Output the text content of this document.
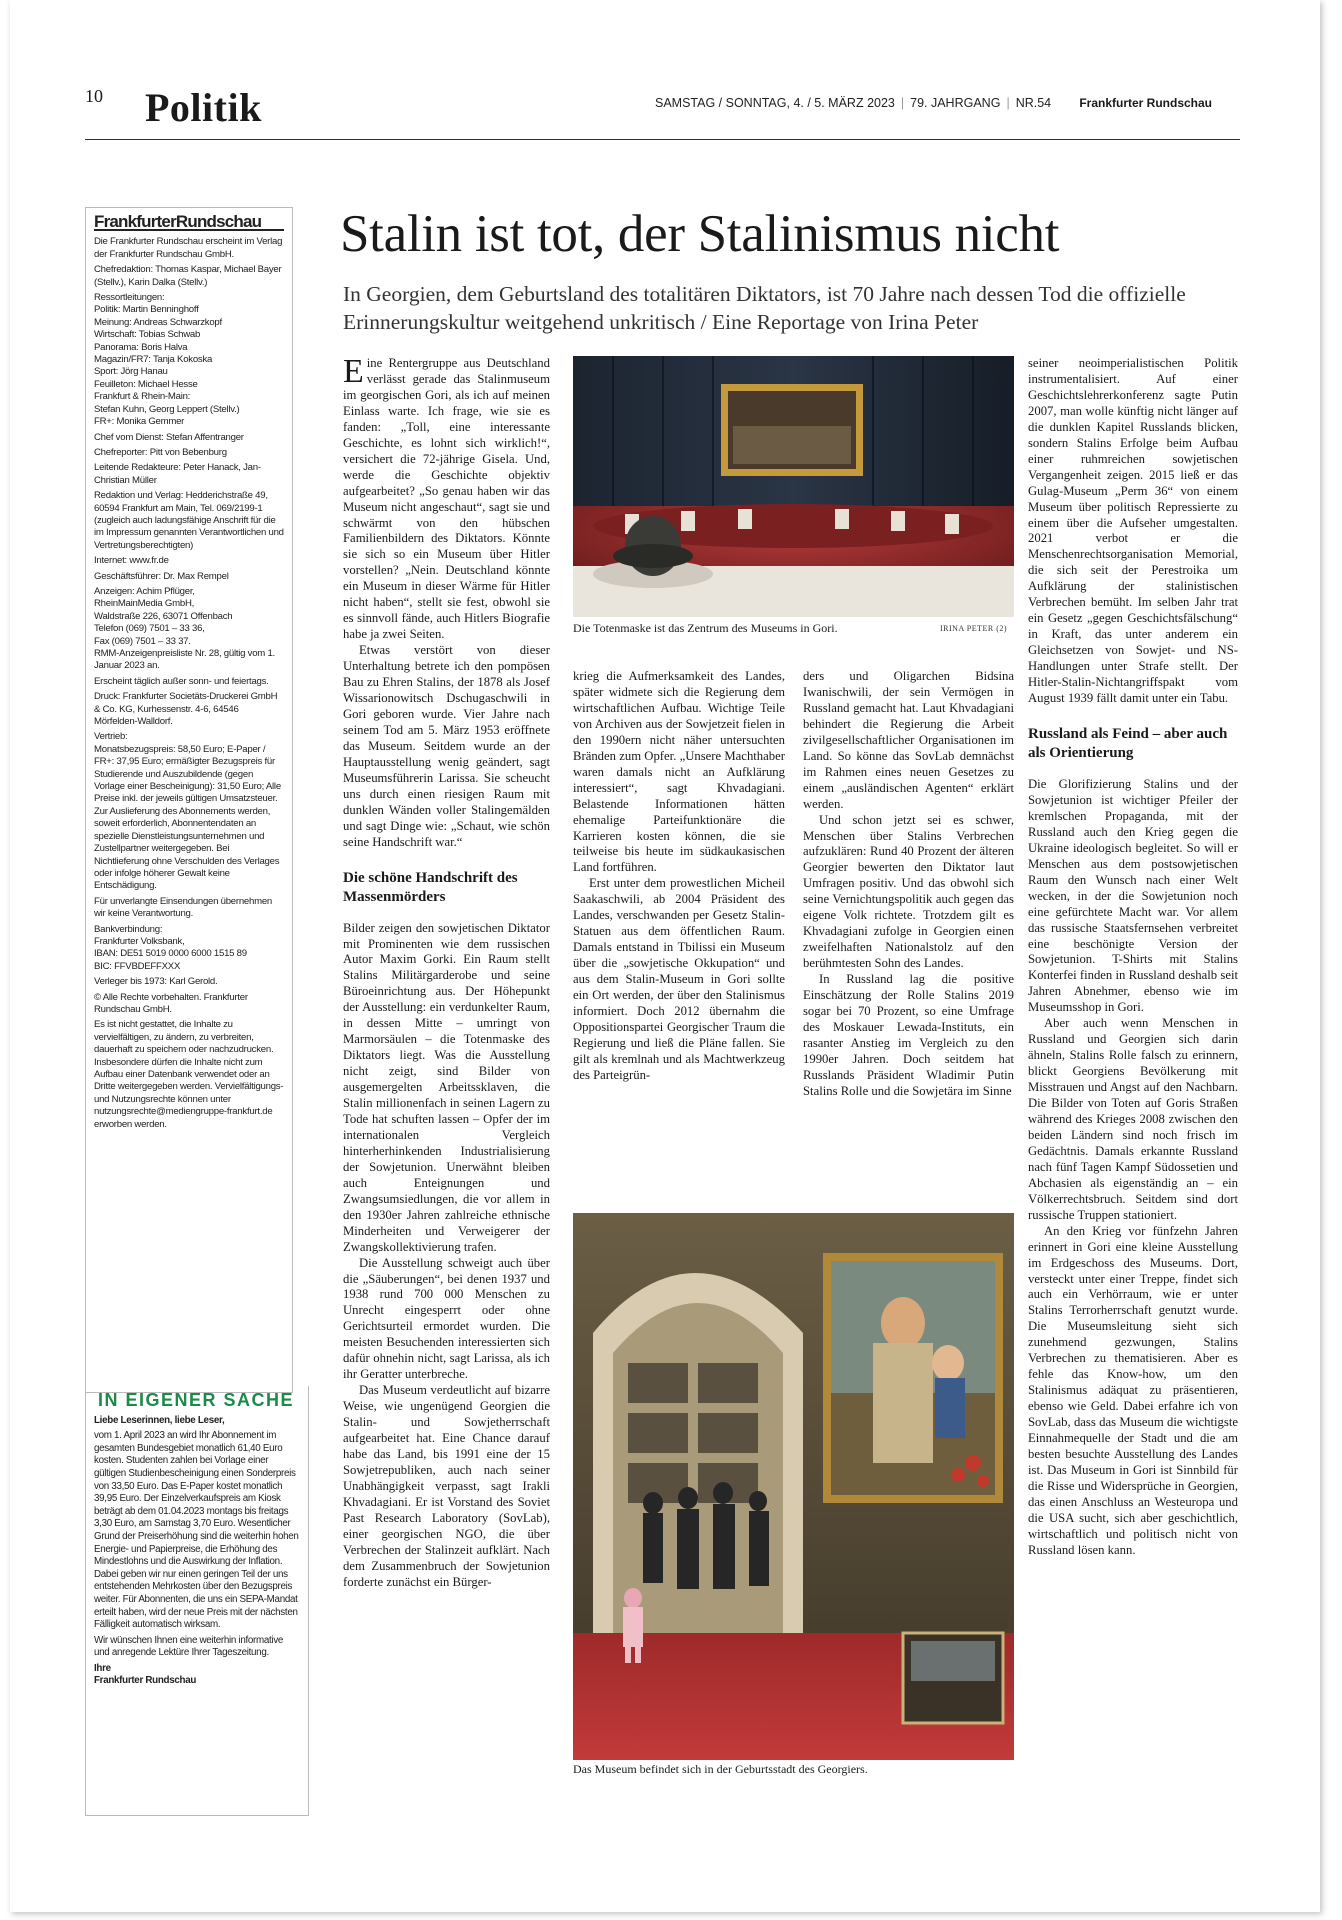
10 Politik	SAMSTAG / SONNTAG, 4. / 5. MÄRZ 2023 | 79. JAHRGANG | NR.54 Frankfurter Rundschau
FrankfurterRundschau

Die Frankfurter Rundschau erscheint im Verlag der Frankfurter Rundschau GmbH.

Chefredaktion: Thomas Kaspar, Michael Bayer (Stellv.), Karin Dalka (Stellv.)

Ressortleitungen:
Politik: Martin Benninghoff
Meinung: Andreas Schwarzkopf
Wirtschaft: Tobias Schwab
Panorama: Boris Halva
Magazin/FR7: Tanja Kokoska
Sport: Jörg Hanau
Feuilleton: Michael Hesse
Frankfurt & Rhein-Main:
Stefan Kuhn, Georg Leppert (Stellv.)
FR+: Monika Gemmer

Chef vom Dienst: Stefan Affentranger

Chefreporter: Pitt von Bebenburg

Leitende Redakteure: Peter Hanack, Jan-Christian Müller

Redaktion und Verlag: Hedderichstraße 49, 60594 Frankfurt am Main, Tel. 069/2199-1 (zugleich auch ladungsfähige Anschrift für die im Impressum genannten Verantwortlichen und Vertretungsberechtigten)

Internet: www.fr.de

Geschäftsführer: Dr. Max Rempel

Anzeigen: Achim Pflüger,
RheinMainMedia GmbH,
Waldstraße 226, 63071 Offenbach
Telefon (069) 7501 – 33 36,
Fax (069) 7501 – 33 37.
RMM-Anzeigenpreisliste Nr. 28, gültig vom 1. Januar 2023 an.

Erscheint täglich außer sonn- und feiertags.

Druck: Frankfurter Societäts-Druckerei GmbH & Co. KG, Kurhessenstr. 4-6, 64546 Mörfelden-Walldorf.

Vertrieb:
Monatsbezugspreis: 58,50 Euro; E-Paper / FR+: 37,95 Euro; ermäßigter Bezugspreis für Studierende und Auszubildende (gegen Vorlage einer Bescheinigung): 31,50 Euro; Alle Preise inkl. der jeweils gültigen Umsatzsteuer. Zur Auslieferung des Abonnements werden, soweit erforderlich, Abonnentendaten an spezielle Dienstleistungsunternehmen und Zustellpartner weitergegeben. Bei Nichtlieferung ohne Verschulden des Verlages oder infolge höherer Gewalt keine Entschädigung.

Für unverlangte Einsendungen übernehmen wir keine Verantwortung.

Bankverbindung:
Frankfurter Volksbank,
IBAN: DE51 5019 0000 6000 1515 89
BIC: FFVBDEFFXXX

Verleger bis 1973: Karl Gerold.

© Alle Rechte vorbehalten. Frankfurter Rundschau GmbH.

Es ist nicht gestattet, die Inhalte zu vervielfältigen, zu ändern, zu verbreiten, dauerhaft zu speichern oder nachzudrucken. Insbesondere dürfen die Inhalte nicht zum Aufbau einer Datenbank verwendet oder an Dritte weitergegeben werden. Vervielfältigungs- und Nutzungsrechte können unter nutzungsrechte@mediengruppe-frankfurt.de erworben werden.

IN EIGENER SACHE

Liebe Leserinnen, liebe Leser,

vom 1. April 2023 an wird Ihr Abonnement im gesamten Bundesgebiet monatlich 61,40 Euro kosten. Studenten zahlen bei Vorlage einer gültigen Studienbescheinigung einen Sonderpreis von 33,50 Euro. Das E-Paper kostet monatlich 39,95 Euro. Der Einzelverkaufspreis am Kiosk beträgt ab dem 01.04.2023 montags bis freitags 3,30 Euro, am Samstag 3,70 Euro. Wesentlicher Grund der Preiserhöhung sind die weiterhin hohen Energie- und Papierpreise, die Erhöhung des Mindestlohns und die Auswirkung der Inflation. Dabei geben wir nur einen geringen Teil der uns entstehenden Mehrkosten über den Bezugspreis weiter. Für Abonnenten, die uns ein SEPA-Mandat erteilt haben, wird der neue Preis mit der nächsten Fälligkeit automatisch wirksam.

Wir wünschen Ihnen eine weiterhin informative und anregende Lektüre Ihrer Tageszeitung.

Ihre

Frankfurter Rundschau

Stalin ist tot, der Stalinismus nicht
In Georgien, dem Geburtsland des totalitären Diktators, ist 70 Jahre nach dessen Tod die offizielle Erinnerungskultur weitgehend unkritisch / Eine Reportage von Irina Peter

Eine Rentergruppe aus Deutschland verlässt gerade das Stalinmuseum im georgischen Gori, als ich auf meinen Einlass warte. Ich frage, wie sie es fanden: „Toll, eine interessante Geschichte, es lohnt sich wirklich!“, versichert die 72-jährige Gisela. Und, werde die Geschichte objektiv aufgearbeitet? „So genau haben wir das Museum nicht angeschaut“, sagt sie und schwärmt von den hübschen Familienbildern des Diktators. Könnte sie sich so ein Museum über Hitler vorstellen? „Nein. Deutschland könnte ein Museum in dieser Wärme für Hitler nicht haben“, stellt sie fest, obwohl sie es sinnvoll fände, auch Hitlers Biografie habe ja zwei Seiten.

Etwas verstört von dieser Unterhaltung betrete ich den pompösen Bau zu Ehren Stalins, der 1878 als Josef Wissarionowitsch Dschugaschwili in Gori geboren wurde. Vier Jahre nach seinem Tod am 5. März 1953 eröffnete das Museum. Seitdem wurde an der Hauptausstellung wenig geändert, sagt Museumsführerin Larissa. Sie scheucht uns durch einen riesigen Raum mit dunklen Wänden voller Stalingemälden und sagt Dinge wie: „Schaut, wie schön seine Handschrift war.“

Die schöne Handschrift des Massenmörders

Bilder zeigen den sowjetischen Diktator mit Prominenten wie dem russischen Autor Maxim Gorki. Ein Raum stellt Stalins Militärgarderobe und seine Büroeinrichtung aus. Der Höhepunkt der Ausstellung: ein verdunkelter Raum, in dessen Mitte – umringt von Marmorsäulen – die Totenmaske des Diktators liegt. Was die Ausstellung nicht zeigt, sind Bilder von ausgemergelten Arbeitssklaven, die Stalin millionenfach in seinen Lagern zu Tode hat schuften lassen – Opfer der im internationalen Vergleich hinterherhinkenden Industrialisierung der Sowjetunion. Unerwähnt bleiben auch Enteignungen und Zwangsumsiedlungen, die vor allem in den 1930er Jahren zahlreiche ethnische Minderheiten und Verweigerer der Zwangskollektivierung trafen.

Die Ausstellung schweigt auch über die „Säuberungen“, bei denen 1937 und 1938 rund 700 000 Menschen zu Unrecht eingesperrt oder ohne Gerichtsurteil ermordet wurden. Die meisten Besuchenden interessierten sich dafür ohnehin nicht, sagt Larissa, als ich ihr Geratter unterbreche.

Das Museum verdeutlicht auf bizarre Weise, wie ungenügend Georgien die Stalin- und Sowjetherrschaft aufgearbeitet hat. Eine Chance darauf habe das Land, bis 1991 eine der 15 Sowjetrepubliken, auch nach seiner Unabhängigkeit verpasst, sagt Irakli Khvadagiani. Er ist Vorstand des Soviet Past Research Laboratory (SovLab), einer georgischen NGO, die über Verbrechen der Stalinzeit aufklärt. Nach dem Zusammenbruch der Sowjetunion forderte zunächst ein Bürger-

Die Totenmaske ist das Zentrum des Museums in Gori.	IRINA PETER (2)

krieg die Aufmerksamkeit des Landes, später widmete sich die Regierung dem wirtschaftlichen Aufbau. Wichtige Teile von Archiven aus der Sowjetzeit fielen in den 1990ern nicht näher untersuchten Bränden zum Opfer. „Unsere Machthaber waren damals nicht an Aufklärung interessiert“, sagt Khvadagiani. Belastende Informationen hätten ehemalige Parteifunktionäre die Karrieren kosten können, die sie teilweise bis heute im südkaukasischen Land fortführen.

Erst unter dem prowestlichen Micheil Saakaschwili, ab 2004 Präsident des Landes, verschwanden per Gesetz Stalin-Statuen aus dem öffentlichen Raum. Damals entstand in Tbilissi ein Museum über die „sowjetische Okkupation“ und aus dem Stalin-Museum in Gori sollte ein Ort werden, der über den Stalinismus informiert. Doch 2012 übernahm die Oppositionspartei Georgischer Traum die Regierung und ließ die Pläne fallen. Sie gilt als kremlnah und als Machtwerkzeug des Parteigrün-

ders und Oligarchen Bidsina Iwanischwili, der sein Vermögen in Russland gemacht hat. Laut Khvadagiani behindert die Regierung die Arbeit zivilgesellschaftlicher Organisationen im Land. So könne das SovLab demnächst im Rahmen eines neuen Gesetzes zu einem „ausländischen Agenten“ erklärt werden.

Und schon jetzt sei es schwer, Menschen über Stalins Verbrechen aufzuklären: Rund 40 Prozent der älteren Georgier bewerten den Diktator laut Umfragen positiv. Und das obwohl sich seine Vernichtungspolitik auch gegen das eigene Volk richtete. Trotzdem gilt es Khvadagiani zufolge in Georgien einen zweifelhaften Nationalstolz auf den berühmtesten Sohn des Landes.

In Russland lag die positive Einschätzung der Rolle Stalins 2019 sogar bei 70 Prozent, so eine Umfrage des Moskauer Lewada-Instituts, ein rasanter Anstieg im Vergleich zu den 1990er Jahren. Doch seitdem hat Russlands Präsident Wladimir Putin Stalins Rolle und die Sowjetära im Sinne

Das Museum befindet sich in der Geburtsstadt des Georgiers.

seiner neoimperialistischen Politik instrumentalisiert. Auf einer Geschichtslehrerkonferenz sagte Putin 2007, man wolle künftig nicht länger auf die dunklen Kapitel Russlands blicken, sondern Stalins Erfolge beim Aufbau einer ruhmreichen sowjetischen Vergangenheit zeigen. 2015 ließ er das Gulag-Museum „Perm 36“ von einem Museum über politisch Repressierte zu einem über die Aufseher umgestalten. 2021 verbot er die Menschenrechtsorganisation Memorial, die sich seit der Perestroika um Aufklärung der stalinistischen Verbrechen bemüht. Im selben Jahr trat ein Gesetz „gegen Geschichtsfälschung“ in Kraft, das unter anderem ein Gleichsetzen von Sowjet- und NS-Handlungen unter Strafe stellt. Der Hitler-Stalin-Nichtangriffspakt vom August 1939 fällt damit unter ein Tabu.

Russland als Feind – aber auch als Orientierung

Die Glorifizierung Stalins und der Sowjetunion ist wichtiger Pfeiler der kremlschen Propaganda, mit der Russland auch den Krieg gegen die Ukraine ideologisch begleitet. So will er Menschen aus dem postsowjetischen Raum den Wunsch nach einer Welt wecken, in der die Sowjetunion noch eine gefürchtete Macht war. Vor allem das russische Staatsfernsehen verbreitet eine beschönigte Version der Sowjetunion. T-Shirts mit Stalins Konterfei finden in Russland deshalb seit Jahren Abnehmer, ebenso wie im Museumsshop in Gori.

Aber auch wenn Menschen in Russland und Georgien sich darin ähneln, Stalins Rolle falsch zu erinnern, blickt Georgiens Bevölkerung mit Misstrauen und Angst auf den Nachbarn. Die Bilder von Toten auf Goris Straßen während des Krieges 2008 zwischen den beiden Ländern sind noch frisch im Gedächtnis. Damals erkannte Russland nach fünf Tagen Kampf Südossetien und Abchasien als eigenständig an – ein Völkerrechtsbruch. Seitdem sind dort russische Truppen stationiert.

An den Krieg vor fünfzehn Jahren erinnert in Gori eine kleine Ausstellung im Erdgeschoss des Museums. Dort, versteckt unter einer Treppe, findet sich auch ein Verhörraum, wie er unter Stalins Terrorherrschaft genutzt wurde. Die Museumsleitung sieht sich zunehmend gezwungen, Stalins Verbrechen zu thematisieren. Aber es fehle das Know-how, um den Stalinismus adäquat zu präsentieren, ebenso wie Geld. Dabei erfahre ich von SovLab, dass das Museum die wichtigste Einnahmequelle der Stadt und die am besten besuchte Ausstellung des Landes ist. Das Museum in Gori ist Sinnbild für die Risse und Widersprüche in Georgien, das einen Anschluss an Westeuropa und die USA sucht, sich aber geschichtlich, wirtschaftlich und politisch nicht von Russland lösen kann.
